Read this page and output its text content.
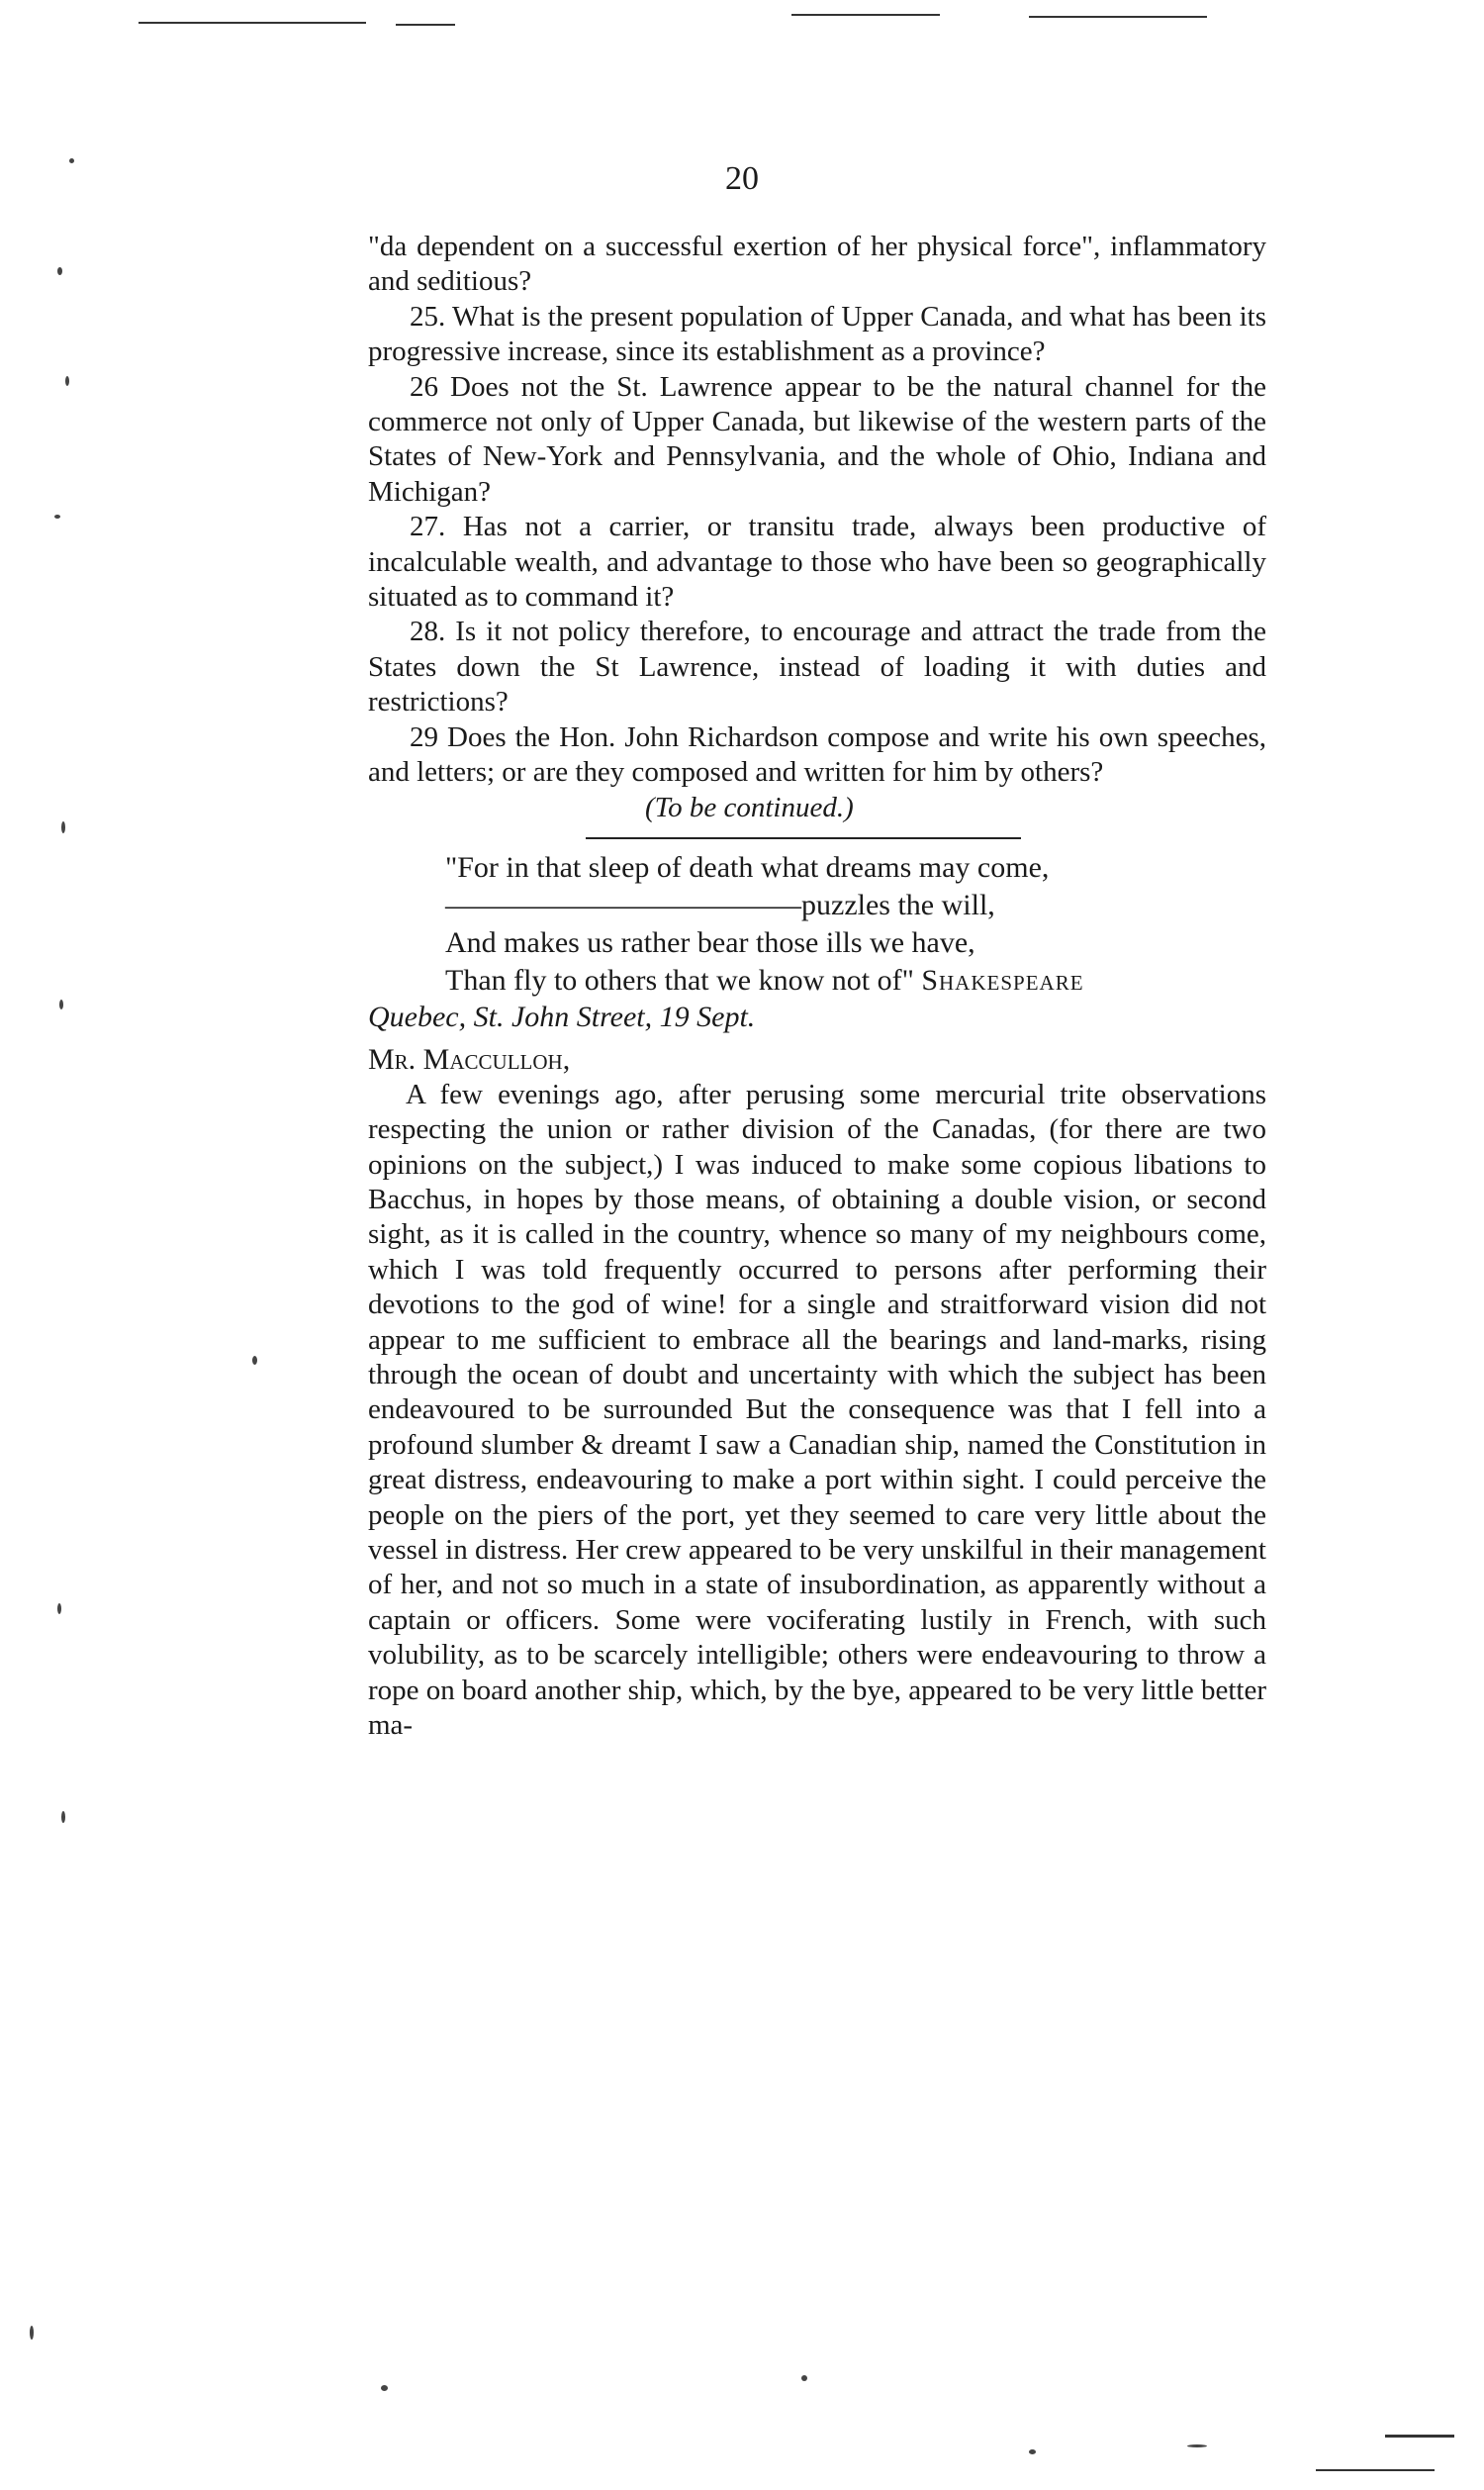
20

"da dependent on a successful exertion of her physical force", inflammatory and seditious?

25. What is the present population of Upper Canada, and what has been its progressive increase, since its establishment as a province?

26 Does not the St. Lawrence appear to be the natural channel for the commerce not only of Upper Canada, but likewise of the western parts of the States of New-York and Pennsylvania, and the whole of Ohio, Indiana and Michigan?

27. Has not a carrier, or transitu trade, always been productive of incalculable wealth, and advantage to those who have been so geographically situated as to command it?

28. Is it not policy therefore, to encourage and attract the trade from the States down the St Lawrence, instead of loading it with duties and restrictions?

29 Does the Hon. John Richardson compose and write his own speeches, and letters; or are they composed and written for him by others?

(To be continued.)

"For in that sleep of death what dreams may come,
————————————puzzles the will,
And makes us rather bear those ills we have,
Than fly to others that we know not of" Shakespeare

Quebec, St. John Street, 19 Sept.

Mr. Macculloh,

A few evenings ago, after perusing some mercurial trite observations respecting the union or rather division of the Canadas, (for there are two opinions on the subject,) I was induced to make some copious libations to Bacchus, in hopes by those means, of obtaining a double vision, or second sight, as it is called in the country, whence so many of my neighbours come, which I was told frequently occurred to persons after performing their devotions to the god of wine! for a single and straitforward vision did not appear to me sufficient to embrace all the bearings and land-marks, rising through the ocean of doubt and uncertainty with which the subject has been endeavoured to be surrounded But the consequence was that I fell into a profound slumber & dreamt I saw a Canadian ship, named the Constitution in great distress, endeavouring to make a port within sight. I could perceive the people on the piers of the port, yet they seemed to care very little about the vessel in distress. Her crew appeared to be very unskilful in their management of her, and not so much in a state of insubordination, as apparently without a captain or officers. Some were vociferating lustily in French, with such volubility, as to be scarcely intelligible; others were endeavouring to throw a rope on board another ship, which, by the bye, appeared to be very little better ma-
